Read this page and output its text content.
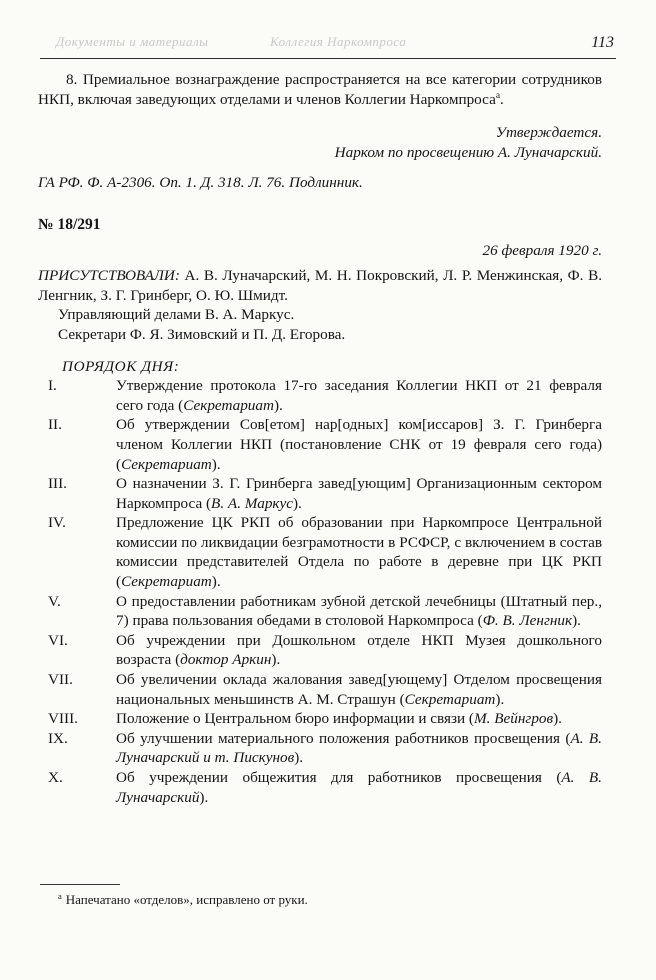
Документы и материалы	Коллегия Наркомпроса	113

8. Премиальное вознаграждение распространяется на все категории сотрудников НКП, включая заведующих отделами и членов Коллегии Наркомпроса$^а$.

Утверждается.

Нарком по просвещению А. Луначарский.

ГА РФ. Ф. А-2306. Оп. 1. Д. 318. Л. 76. Подлинник.

№ 18/291

26 февраля 1920 г.

ПРИСУТСТВОВАЛИ: А. В. Луначарский, М. Н. Покровский, Л. Р. Менжинская, Ф. В. Ленгник, З. Г. Гринберг, О. Ю. Шмидт.

Управляющий делами В. А. Маркус.

Секретари Ф. Я. Зимовский и П. Д. Егорова.

ПОРЯДОК ДНЯ:

I.	Утверждение протокола 17-го заседания Коллегии НКП от 21 февраля сего года (Секретариат).
II.	Об утверждении Сов[етом] нар[одных] ком[иссаров] З. Г. Гринберга членом Коллегии НКП (постановление СНК от 19 февраля сего года) (Секретариат).
III.	О назначении З. Г. Гринберга завед[ующим] Организационным сектором Наркомпроса (В. А. Маркус).
IV.	Предложение ЦК РКП об образовании при Наркомпросе Центральной комиссии по ликвидации безграмотности в РСФСР, с включением в состав комиссии представителей Отдела по работе в деревне при ЦК РКП (Секретариат).
V.	О предоставлении работникам зубной детской лечебницы (Штатный пер., 7) права пользования обедами в столовой Наркомпроса (Ф. В. Ленгник).
VI.	Об учреждении при Дошкольном отделе НКП Музея дошкольного возраста (доктор Аркин).
VII.	Об увеличении оклада жалования завед[ующему] Отделом просвещения национальных меньшинств А. М. Страшун (Секретариат).
VIII.	Положение о Центральном бюро информации и связи (М. Вейнгров).
IX.	Об улучшении материального положения работников просвещения (А. В. Луначарский и т. Пискунов).
X.	Об учреждении общежития для работников просвещения (А. В. Луначарский).
$^а$ Напечатано «отделов», исправлено от руки.
